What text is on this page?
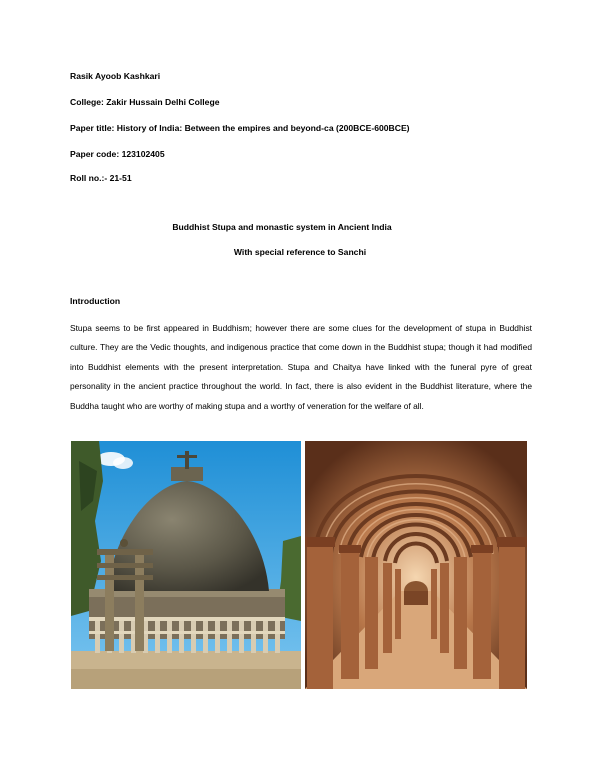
Rasik Ayoob Kashkari
College: Zakir Hussain Delhi College
Paper title: History of India: Between the empires and beyond-ca (200BCE-600BCE)
Paper code: 123102405
Roll no.:- 21-51
Buddhist Stupa and monastic system in Ancient India
With special reference to Sanchi
Introduction

Stupa seems to be first appeared in Buddhism; however there are some clues for the development of stupa in Buddhist culture. They are the Vedic thoughts, and indigenous practice that come down in the Buddhist stupa; though it had modified into Buddhist elements with the present interpretation. Stupa and Chaitya have linked with the funeral pyre of great personality in the ancient practice throughout the world. In fact, there is also evident in the Buddhist literature, where the Buddha taught who are worthy of making stupa and a worthy of veneration for the welfare of all.
